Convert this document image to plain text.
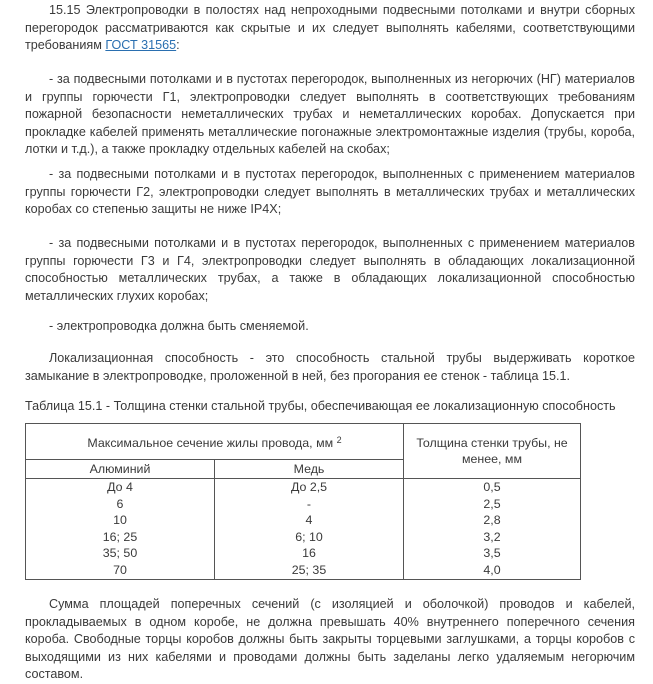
15.15 Электропроводки в полостях над непроходными подвесными потолками и внутри сборных перегородок рассматриваются как скрытые и их следует выполнять кабелями, соответствующими требованиям ГОСТ 31565:

- за подвесными потолками и в пустотах перегородок, выполненных из негорючих (НГ) материалов и группы горючести Г1, электропроводки следует выполнять в соответствующих требованиям пожарной безопасности неметаллических трубах и неметаллических коробах. Допускается при прокладке кабелей применять металлические погонажные электромонтажные изделия (трубы, короба, лотки и т.д.), а также прокладку отдельных кабелей на скобах;

- за подвесными потолками и в пустотах перегородок, выполненных с применением материалов группы горючести Г2, электропроводки следует выполнять в металлических трубах и металлических коробах со степенью защиты не ниже IP4X;

- за подвесными потолками и в пустотах перегородок, выполненных с применением материалов группы горючести Г3 и Г4, электропроводки следует выполнять в обладающих локализационной способностью металлических трубах, а также в обладающих локализационной способностью металлических глухих коробах;

- электропроводка должна быть сменяемой.

Локализационная способность - это способность стальной трубы выдерживать короткое замыкание в электропроводке, проложенной в ней, без прогорания ее стенок - таблица 15.1.

Таблица 15.1 - Толщина стенки стальной трубы, обеспечивающая ее локализационную способность

Максимальное сечение жилы провода, мм $^2$		Толщина стенки трубы, не менее, мм
Алюминий	Медь	
До 4	До 2,5	0,5
6	-	2,5
10	4	2,8
16; 25	6; 10	3,2
35; 50	16	3,5
70	25; 35	4,0

Сумма площадей поперечных сечений (с изоляцией и оболочкой) проводов и кабелей, прокладываемых в одном коробе, не должна превышать 40% внутреннего поперечного сечения короба. Свободные торцы коробов должны быть закрыты торцевыми заглушками, а торцы коробов с выходящими из них кабелями и проводами должны быть заделаны легко удаляемым негорючим составом.
